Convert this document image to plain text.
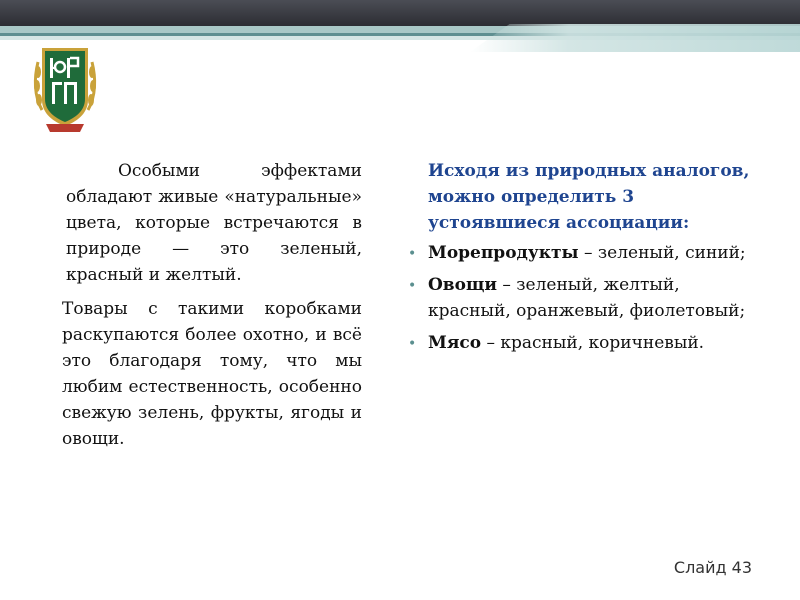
Особыми эффектами обладают живые «натуральные» цвета, которые встречаются в природе — это зеленый, красный и желтый.

Товары с такими коробками раскупаются более охотно, и всё это благодаря тому, что мы любим естественность, особенно свежую зелень, фрукты, ягоды и овощи.

Исходя из природных аналогов, можно определить 3 устоявшиеся ассоциации:
• Морепродукты – зеленый, синий;
• Овощи – зеленый, желтый, красный, оранжевый, фиолетовый;
• Мясо – красный, коричневый.
Слайд 43
